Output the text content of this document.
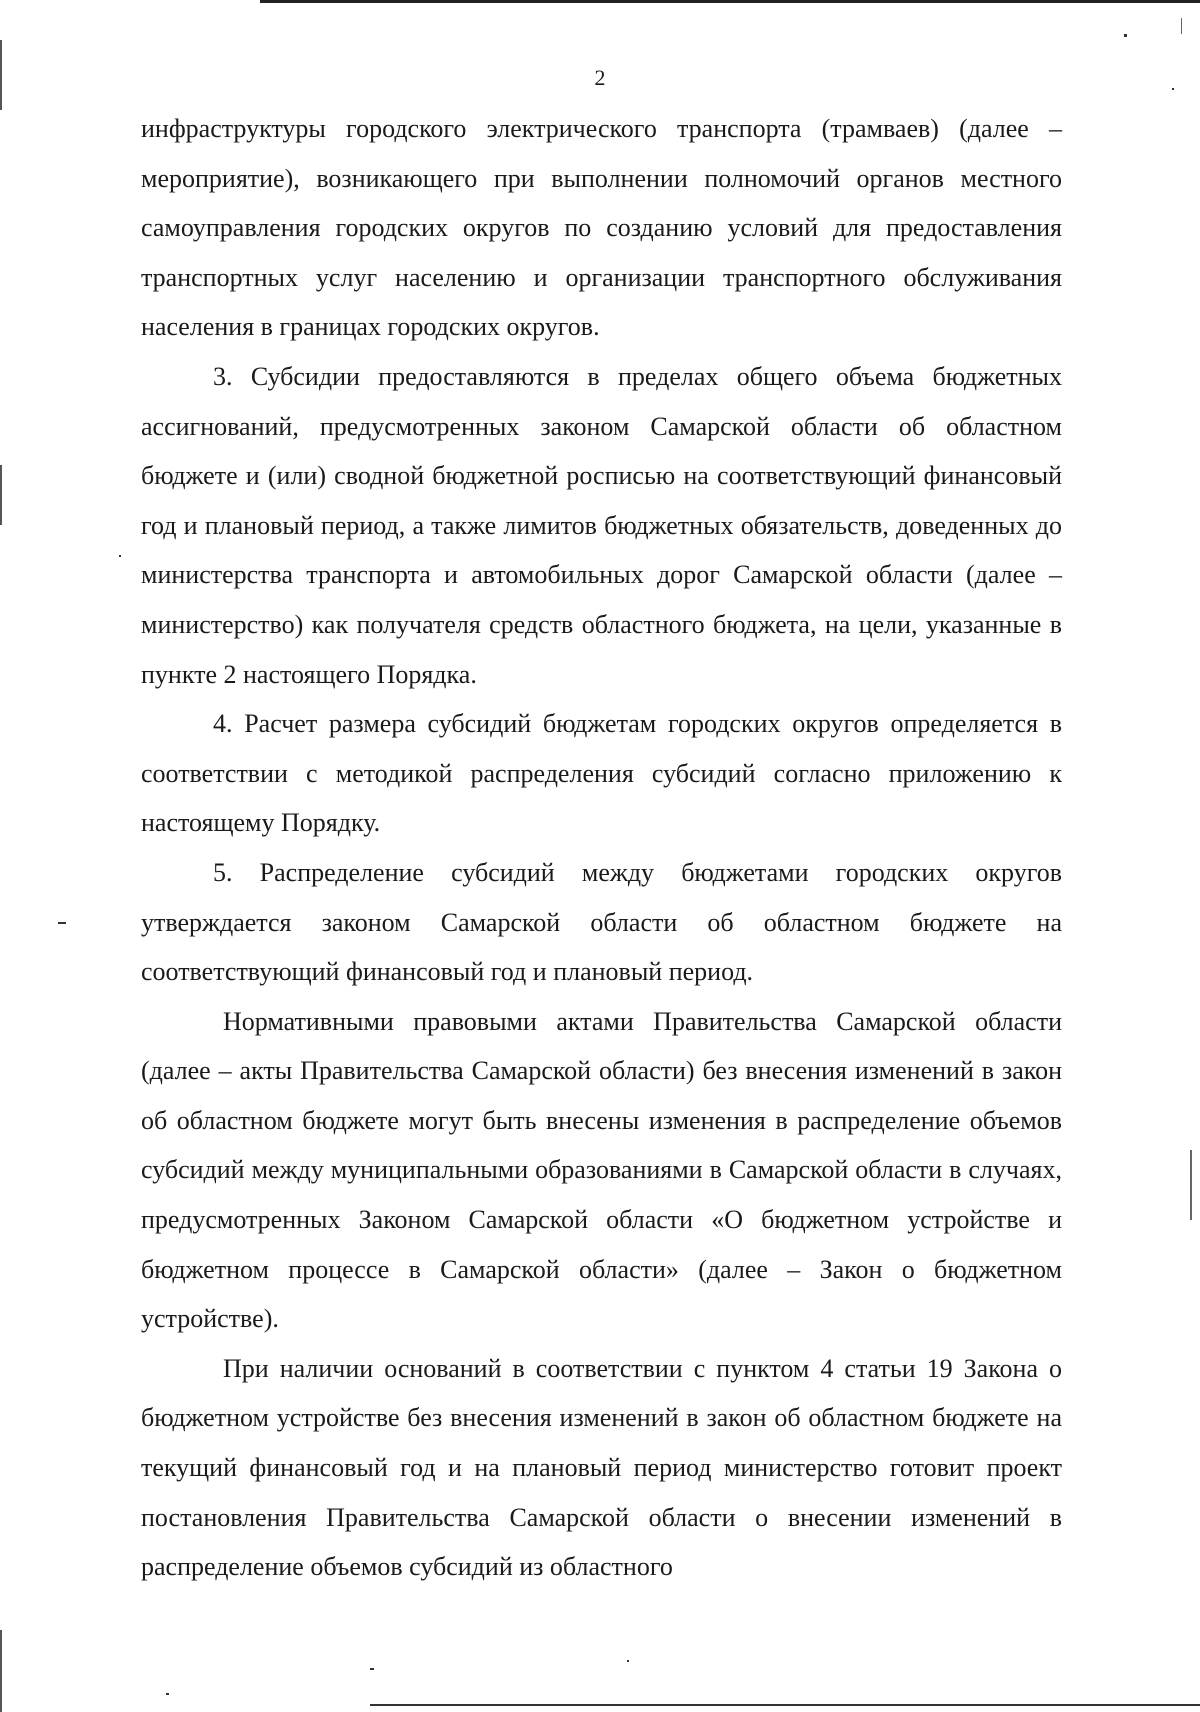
2

инфраструктуры городского электрического транспорта (трамваев) (далее – мероприятие), возникающего при выполнении полномочий органов местного самоуправления городских округов по созданию условий для предоставления транспортных услуг населению и организации транспортного обслуживания населения в границах городских округов.

3. Субсидии предоставляются в пределах общего объема бюджетных ассигнований, предусмотренных законом Самарской области об областном бюджете и (или) сводной бюджетной росписью на соответствующий финансовый год и плановый период, а также лимитов бюджетных обязательств, доведенных до министерства транспорта и автомобильных дорог Самарской области (далее – министерство) как получателя средств областного бюджета, на цели, указанные в пункте 2 настоящего Порядка.

4. Расчет размера субсидий бюджетам городских округов определяется в соответствии с методикой распределения субсидий согласно приложению к настоящему Порядку.

5. Распределение субсидий между бюджетами городских округов утверждается законом Самарской области об областном бюджете на соответствующий финансовый год и плановый период.

Нормативными правовыми актами Правительства Самарской области (далее – акты Правительства Самарской области) без внесения изменений в закон об областном бюджете могут быть внесены изменения в распределение объемов субсидий между муниципальными образованиями в Самарской области в случаях, предусмотренных Законом Самарской области «О бюджетном устройстве и бюджетном процессе в Самарской области» (далее – Закон о бюджетном устройстве).

При наличии оснований в соответствии с пунктом 4 статьи 19 Закона о бюджетном устройстве без внесения изменений в закон об областном бюджете на текущий финансовый год и на плановый период министерство готовит проект постановления Правительства Самарской области о внесении изменений в распределение объемов субсидий из областного
